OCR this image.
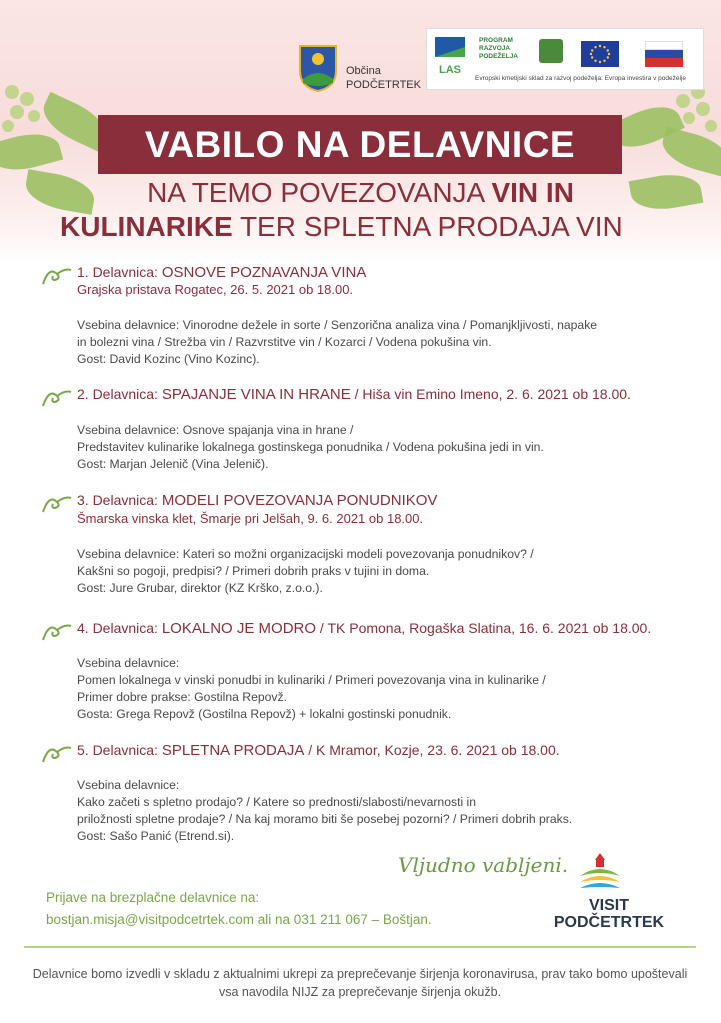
Občina
PODČETRTEK
LAS
PROGRAM
RAZVOJA
PODEŽELJA
Evropski kmetijski sklad za razvoj podeželja: Evropa investira v podeželje
VABILO NA DELAVNICE
NA TEMO POVEZOVANJA VIN IN
KULINARIKE TER SPLETNA PRODAJA VIN
1. Delavnica: OSNOVE POZNAVANJA VINA
Grajska pristava Rogatec, 26. 5. 2021 ob 18.00.
Vsebina delavnice: Vinorodne dežele in sorte / Senzorična analiza vina / Pomanjkljivosti, napake
in bolezni vina / Strežba vin / Razvrstitve vin / Kozarci / Vodena pokušina vin.
Gost: David Kozinc (Vino Kozinc).
2. Delavnica: SPAJANJE VINA IN HRANE / Hiša vin Emino Imeno, 2. 6. 2021 ob 18.00.
Vsebina delavnice: Osnove spajanja vina in hrane /
Predstavitev kulinarike lokalnega gostinskega ponudnika / Vodena pokušina jedi in vin.
Gost: Marjan Jelenič (Vina Jelenič).
3. Delavnica: MODELI POVEZOVANJA PONUDNIKOV
Šmarska vinska klet, Šmarje pri Jelšah, 9. 6. 2021 ob 18.00.
Vsebina delavnice: Kateri so možni organizacijski modeli povezovanja ponudnikov? /
Kakšni so pogoji, predpisi? / Primeri dobrih praks v tujini in doma.
Gost: Jure Grubar, direktor (KZ Krško, z.o.o.).
4. Delavnica: LOKALNO JE MODRO / TK Pomona, Rogaška Slatina, 16. 6. 2021 ob 18.00.
Vsebina delavnice:
Pomen lokalnega v vinski ponudbi in kulinariki / Primeri povezovanja vina in kulinarike /
Primer dobre prakse: Gostilna Repovž.
Gosta: Grega Repovž (Gostilna Repovž) + lokalni gostinski ponudnik.
5. Delavnica: SPLETNA PRODAJA / K Mramor, Kozje, 23. 6. 2021 ob 18.00.
Vsebina delavnice:
Kako začeti s spletno prodajo? / Katere so prednosti/slabosti/nevarnosti in
priložnosti spletne prodaje? / Na kaj moramo biti še posebej pozorni? / Primeri dobrih praks.
Gost: Sašo Panić (Etrend.si).
Vljudno vabljeni.
Prijave na brezplačne delavnice na:
bostjan.misja@visitpodcetrtek.com ali na 031 211 067 – Boštjan.
VISIT
PODČETRTEK
Delavnice bomo izvedli v skladu z aktualnimi ukrepi za preprečevanje širjenja koronavirusa, prav tako bomo upoštevali vsa navodila NIJZ za preprečevanje širjenja okužb.
